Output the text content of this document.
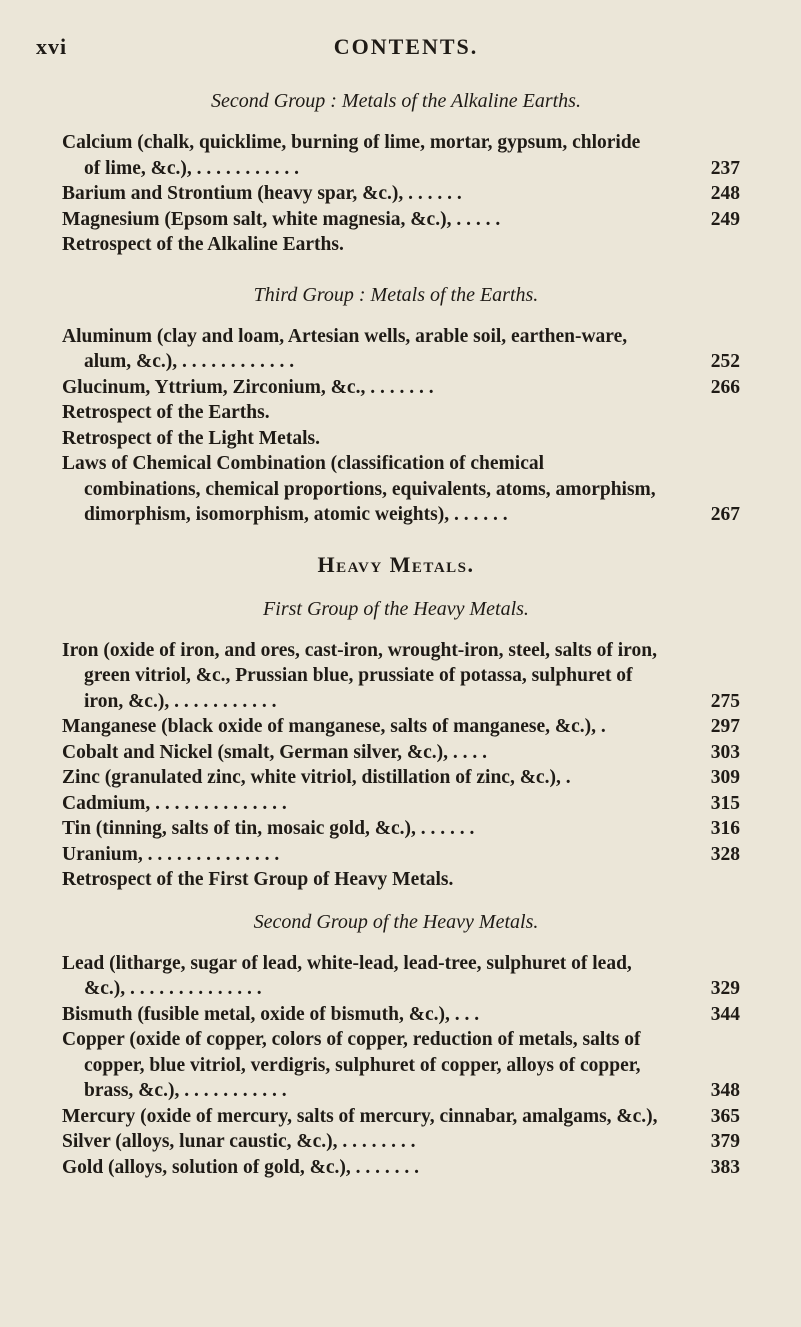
xvi	CONTENTS.
Second Group : Metals of the Alkaline Earths.
Calcium (chalk, quicklime, burning of lime, mortar, gypsum, chloride of lime, &c.), . . . . . . . . . . .	237
Barium and Strontium (heavy spar, &c.), . . . . . .	248
Magnesium (Epsom salt, white magnesia, &c.), . . . . .	249
Retrospect of the Alkaline Earths.
Third Group : Metals of the Earths.
Aluminum (clay and loam, Artesian wells, arable soil, earthen-ware, alum, &c.), . . . . . . . . . . . .	252
Glucinum, Yttrium, Zirconium, &c., . . . . . . .	266
Retrospect of the Earths.
Retrospect of the Light Metals.
Laws of Chemical Combination (classification of chemical combinations, chemical proportions, equivalents, atoms, amorphism, dimorphism, isomorphism, atomic weights), . . . . . .	267
Heavy Metals.
First Group of the Heavy Metals.
Iron (oxide of iron, and ores, cast-iron, wrought-iron, steel, salts of iron, green vitriol, &c., Prussian blue, prussiate of potassa, sulphuret of iron, &c.), . . . . . . . . . . .	275
Manganese (black oxide of manganese, salts of manganese, &c.), .	297
Cobalt and Nickel (smalt, German silver, &c.), . . . .	303
Zinc (granulated zinc, white vitriol, distillation of zinc, &c.), .	309
Cadmium, . . . . . . . . . . . . . .	315
Tin (tinning, salts of tin, mosaic gold, &c.), . . . . . .	316
Uranium, . . . . . . . . . . . . . .	328
Retrospect of the First Group of Heavy Metals.
Second Group of the Heavy Metals.
Lead (litharge, sugar of lead, white-lead, lead-tree, sulphuret of lead, &c.), . . . . . . . . . . . . . .	329
Bismuth (fusible metal, oxide of bismuth, &c.), . . .	344
Copper (oxide of copper, colors of copper, reduction of metals, salts of copper, blue vitriol, verdigris, sulphuret of copper, alloys of copper, brass, &c.), . . . . . . . . . . .	348
Mercury (oxide of mercury, salts of mercury, cinnabar, amalgams, &c.),	365
Silver (alloys, lunar caustic, &c.), . . . . . . . .	379
Gold (alloys, solution of gold, &c.), . . . . . . .	383
